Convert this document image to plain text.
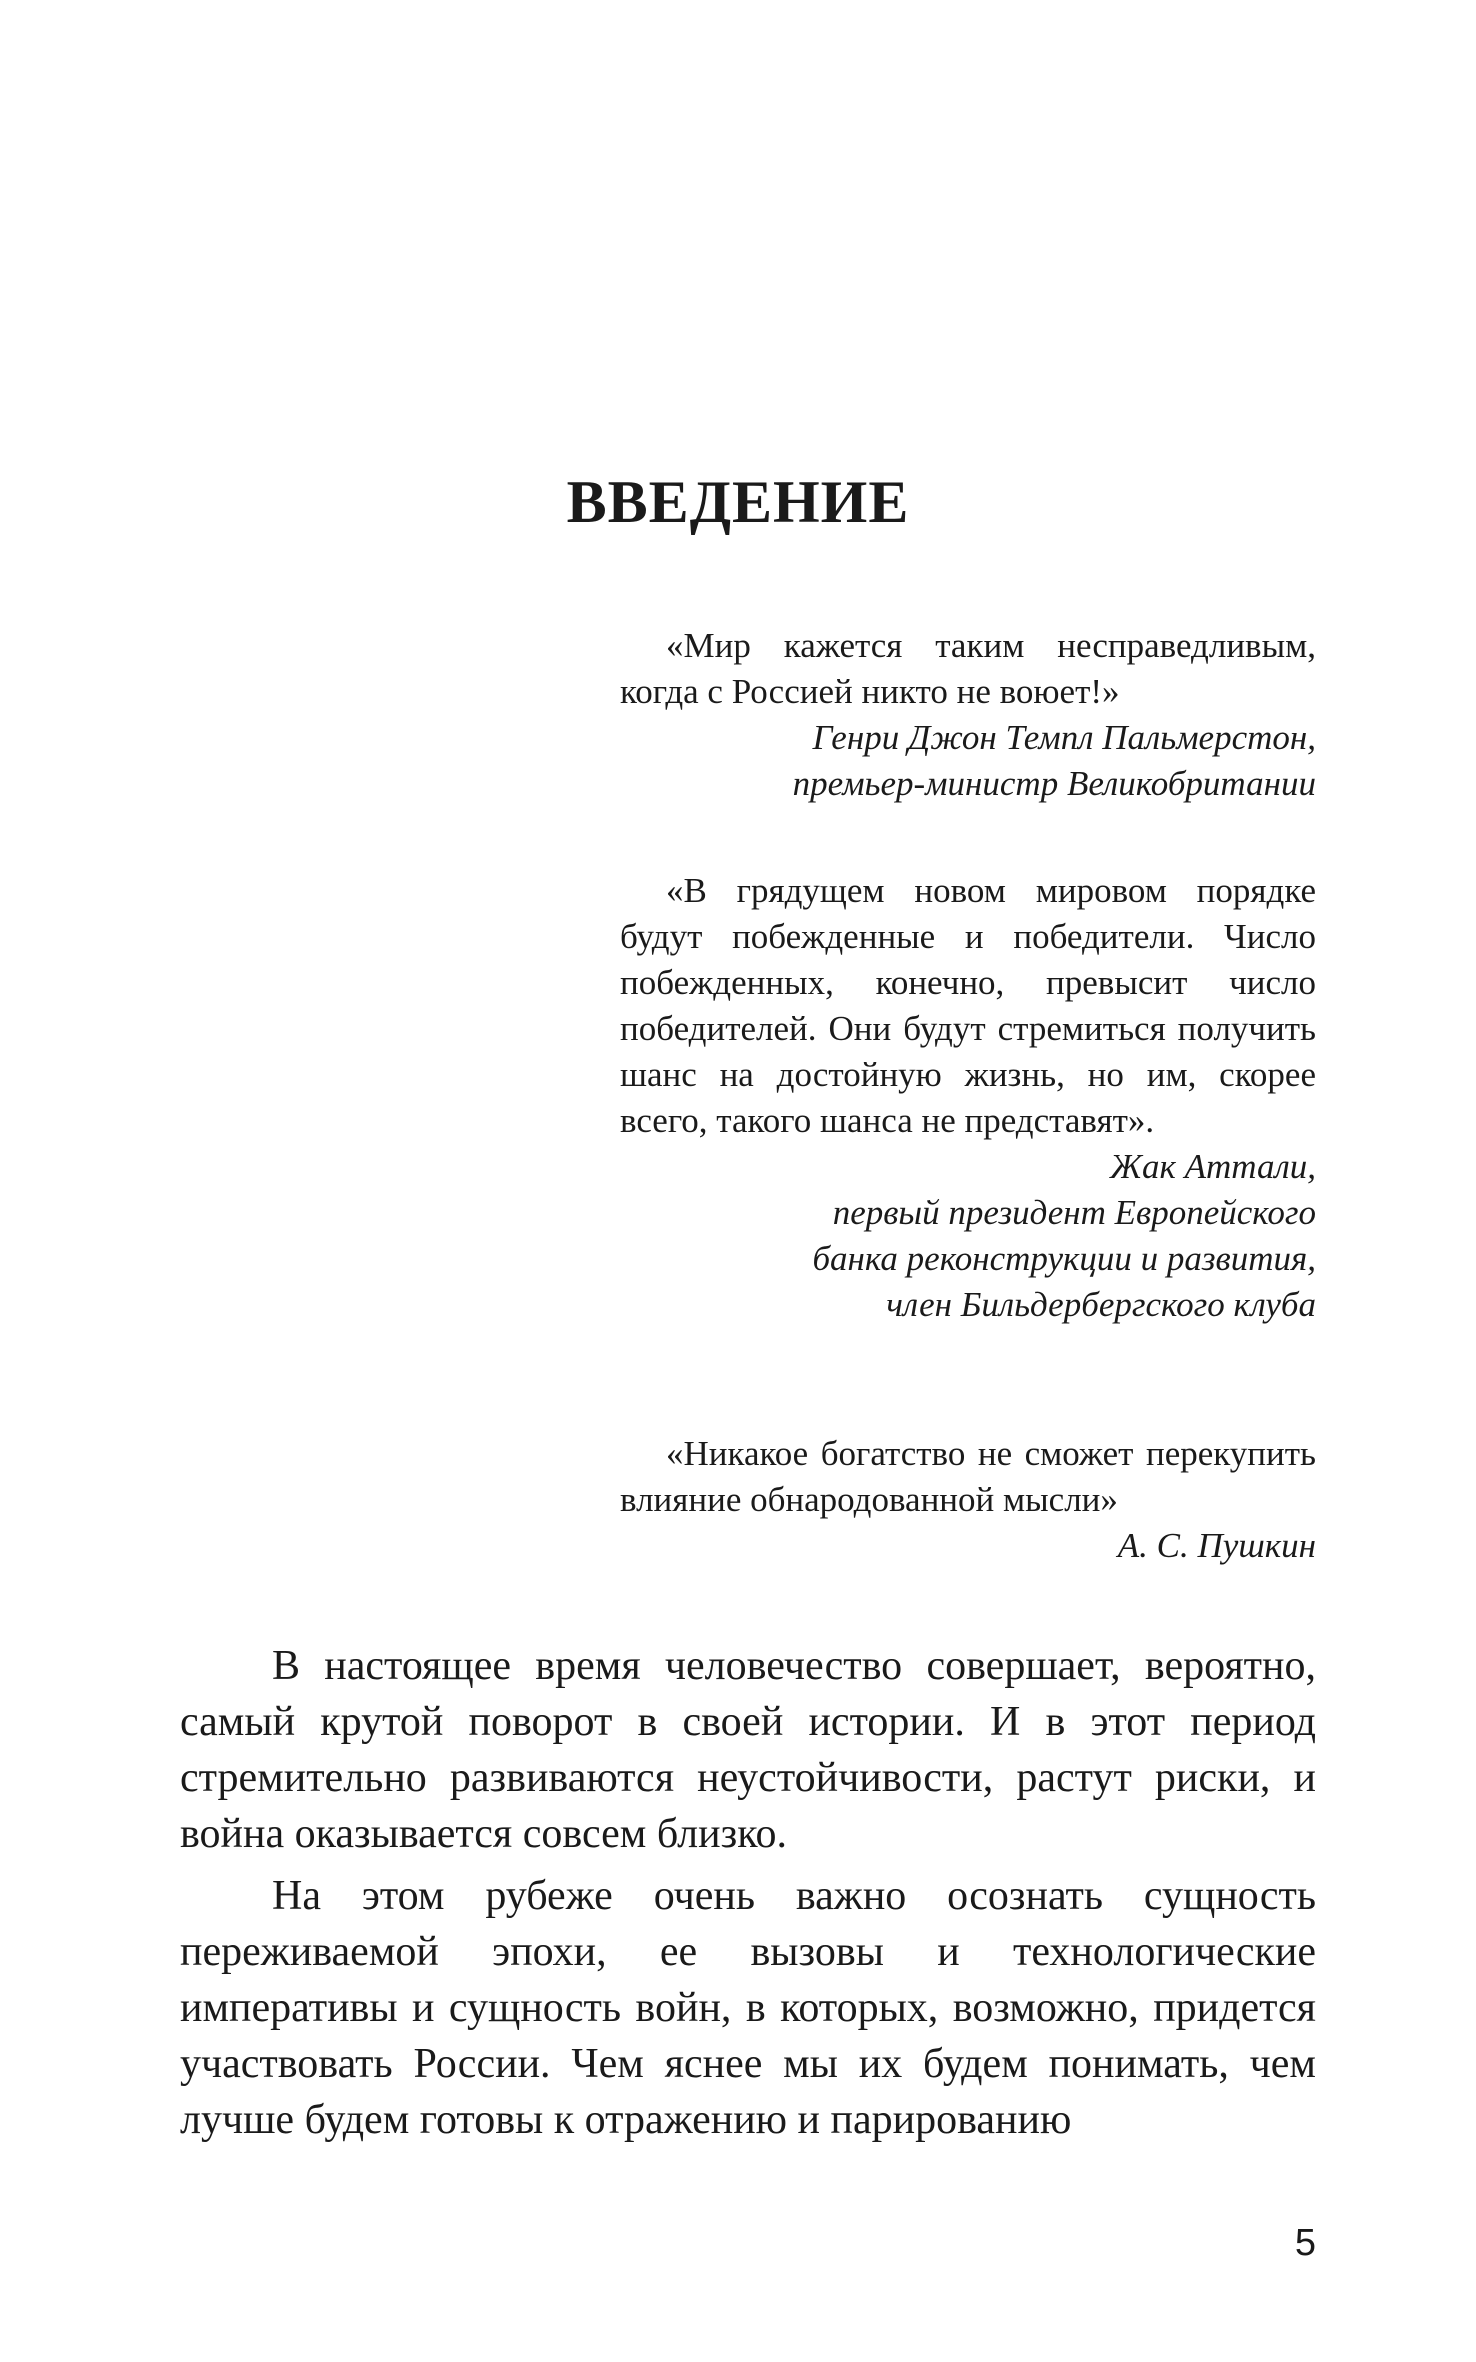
ВВЕДЕНИЕ

«Мир кажется таким несправедливым, когда с Россией никто не воюет!»

Генри Джон Темпл Пальмерстон,
премьер-министр Великобритании

«В грядущем новом мировом порядке будут побежденные и победители. Число побежденных, конечно, превысит число победителей. Они будут стремиться получить шанс на достойную жизнь, но им, скорее всего, такого шанса не представят».

Жак Аттали,
первый президент Европейского
банка реконструкции и развития,
член Бильдербергского клуба

«Никакое богатство не сможет перекупить влияние обнародованной мысли»

А. С. Пушкин

В настоящее время человечество совершает, вероятно, самый крутой поворот в своей истории. И в этот период стремительно развиваются неустойчивости, растут риски, и война оказывается совсем близко.

На этом рубеже очень важно осознать сущность переживаемой эпохи, ее вызовы и технологические императивы и сущность войн, в которых, возможно, придется участвовать России. Чем яснее мы их будем понимать, чем лучше будем готовы к отражению и парированию

5
